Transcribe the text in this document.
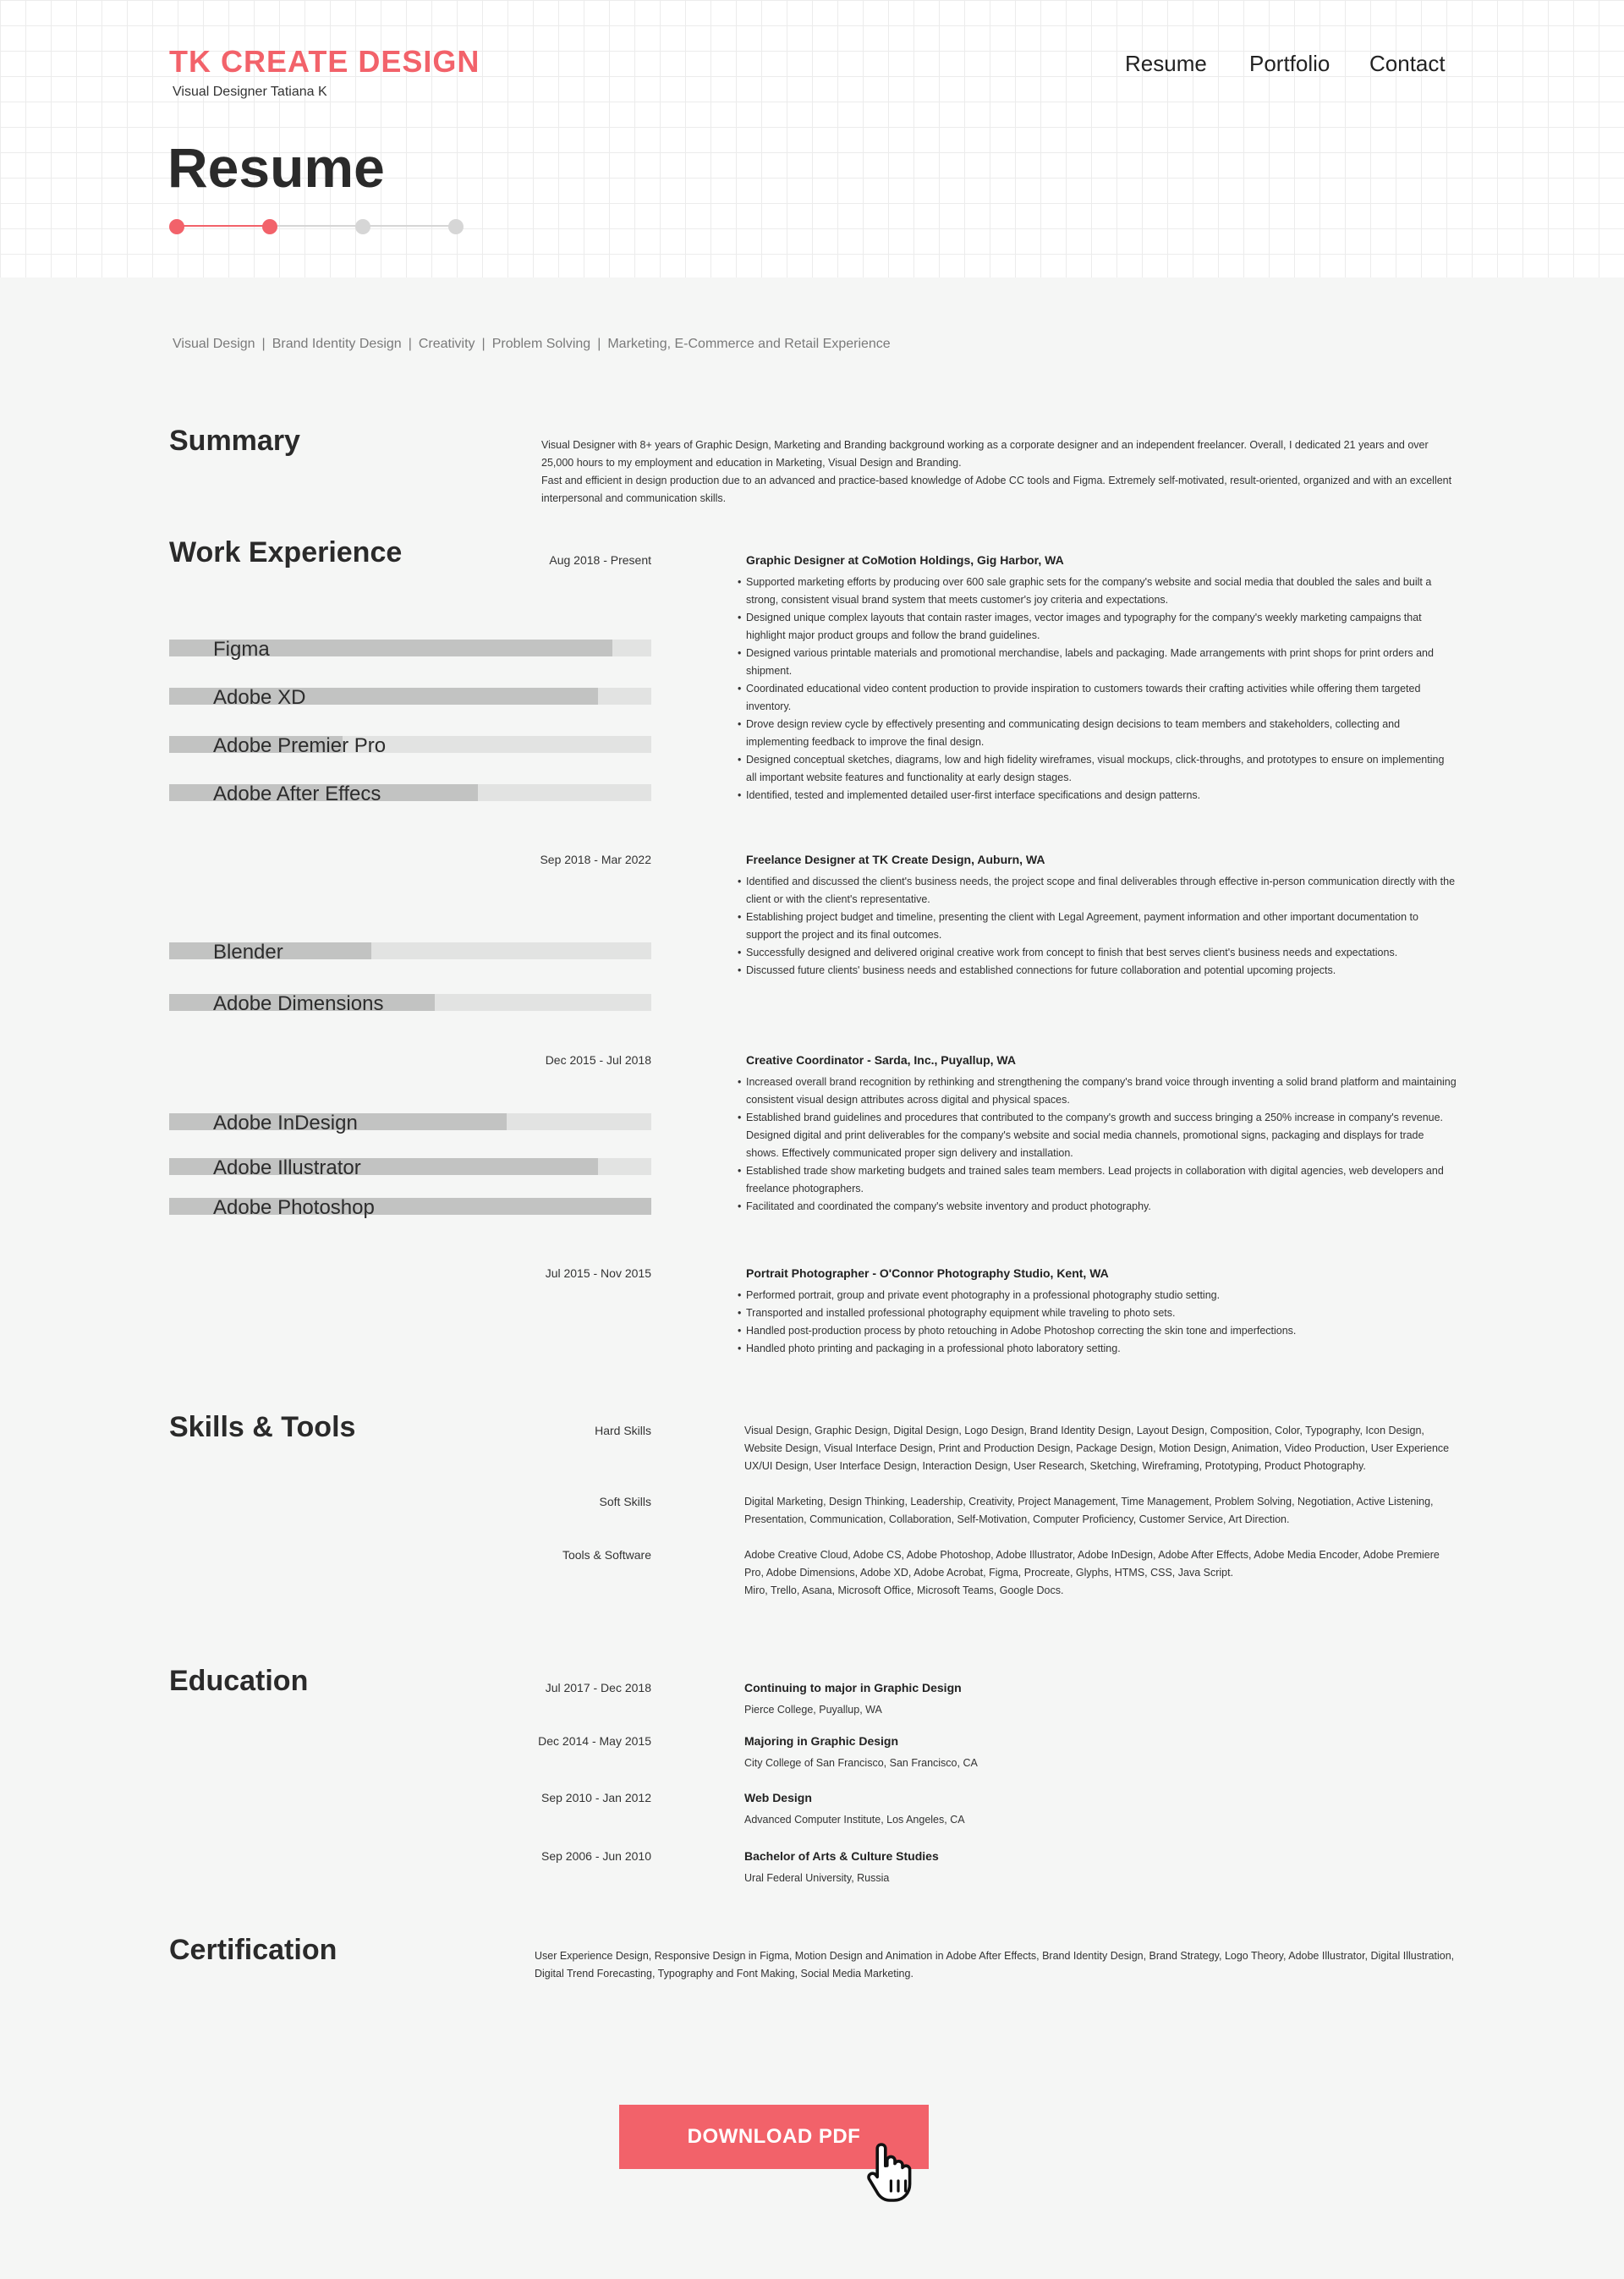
TK CREATE DESIGN
Visual Designer Tatiana K
Resume Portfolio Contact
Resume
Visual Design | Brand Identity Design | Creativity | Problem Solving | Marketing, E-Commerce and Retail Experience
Summary	Visual Designer with 8+ years of Graphic Design, Marketing and Branding background working as a corporate designer and an independent freelancer. Overall, I dedicated 21 years and over 25,000 hours to my employment and education in Marketing, Visual Design and Branding.
Fast and efficient in design production due to an advanced and practice-based knowledge of Adobe CC tools and Figma. Extremely self-motivated, result-oriented, organized and with an excellent interpersonal and communication skills.
Work Experience	Aug 2018 - Present	Graphic Designer at CoMotion Holdings, Gig Harbor, WA
• Supported marketing efforts by producing over 600 sale graphic sets for the company's website and social media that doubled the sales and built a strong, consistent visual brand system that meets customer's joy criteria and expectations.
• Designed unique complex layouts that contain raster images, vector images and typography for the company's weekly marketing campaigns that highlight major product groups and follow the brand guidelines.
• Designed various printable materials and promotional merchandise, labels and packaging. Made arrangements with print shops for print orders and shipment.
• Coordinated educational video content production to provide inspiration to customers towards their crafting activities while offering them targeted inventory.
• Drove design review cycle by effectively presenting and communicating design decisions to team members and stakeholders, collecting and implementing feedback to improve the final design.
• Designed conceptual sketches, diagrams, low and high fidelity wireframes, visual mockups, click-throughs, and prototypes to ensure on implementing all important website features and functionality at early design stages.
• Identified, tested and implemented detailed user-first interface specifications and design patterns.
Sep 2018 - Mar 2022	Freelance Designer at TK Create Design, Auburn, WA
• Identified and discussed the client's business needs, the project scope and final deliverables through effective in-person communication directly with the client or with the client's representative.
• Establishing project budget and timeline, presenting the client with Legal Agreement, payment information and other important documentation to support the project and its final outcomes.
• Successfully designed and delivered original creative work from concept to finish that best serves client's business needs and expectations.
• Discussed future clients' business needs and established connections for future collaboration and potential upcoming projects.
Dec 2015 - Jul 2018	Creative Coordinator - Sarda, Inc., Puyallup, WA
• Increased overall brand recognition by rethinking and strengthening the company's brand voice through inventing a solid brand platform and maintaining consistent visual design attributes across digital and physical spaces.
• Established brand guidelines and procedures that contributed to the company's growth and success bringing a 250% increase in company's revenue. Designed digital and print deliverables for the company's website and social media channels, promotional signs, packaging and displays for trade shows. Effectively communicated proper sign delivery and installation.
• Established trade show marketing budgets and trained sales team members. Lead projects in collaboration with digital agencies, web developers and freelance photographers.
• Facilitated and coordinated the company's website inventory and product photography.
Jul 2015 - Nov 2015	Portrait Photographer - O'Connor Photography Studio, Kent, WA
• Performed portrait, group and private event photography in a professional photography studio setting.
• Transported and installed professional photography equipment while traveling to photo sets.
• Handled post-production process by photo retouching in Adobe Photoshop correcting the skin tone and imperfections.
• Handled photo printing and packaging in a professional photo laboratory setting.
Figma
Adobe XD
Adobe Premier Pro
Adobe After Effecs
Blender
Adobe Dimensions
Adobe InDesign
Adobe Illustrator
Adobe Photoshop
Skills & Tools	Hard Skills	Visual Design, Graphic Design, Digital Design, Logo Design, Brand Identity Design, Layout Design, Composition, Color, Typography, Icon Design, Website Design, Visual Interface Design, Print and Production Design, Package Design, Motion Design, Animation, Video Production, User Experience UX/UI Design, User Interface Design, Interaction Design, User Research, Sketching, Wireframing, Prototyping, Product Photography.
Soft Skills	Digital Marketing, Design Thinking, Leadership, Creativity, Project Management, Time Management, Problem Solving, Negotiation, Active Listening, Presentation, Communication, Collaboration, Self-Motivation, Computer Proficiency, Customer Service, Art Direction.
Tools & Software	Adobe Creative Cloud, Adobe CS, Adobe Photoshop, Adobe Illustrator, Adobe InDesign, Adobe After Effects, Adobe Media Encoder, Adobe Premiere Pro, Adobe Dimensions, Adobe XD, Adobe Acrobat, Figma, Procreate, Glyphs, HTMS, CSS, Java Script.
Miro, Trello, Asana, Microsoft Office, Microsoft Teams, Google Docs.
Education	Jul 2017 - Dec 2018	Continuing to major in Graphic Design
Pierce College, Puyallup, WA
Dec 2014 - May 2015	Majoring in Graphic Design
City College of San Francisco, San Francisco, CA
Sep 2010 - Jan 2012	Web Design
Advanced Computer Institute, Los Angeles, CA
Sep 2006 - Jun 2010	Bachelor of Arts & Culture Studies
Ural Federal University, Russia
Certification	User Experience Design, Responsive Design in Figma, Motion Design and Animation in Adobe After Effects, Brand Identity Design, Brand Strategy, Logo Theory, Adobe Illustrator, Digital Illustration, Digital Trend Forecasting, Typography and Font Making, Social Media Marketing.
DOWNLOAD PDF
